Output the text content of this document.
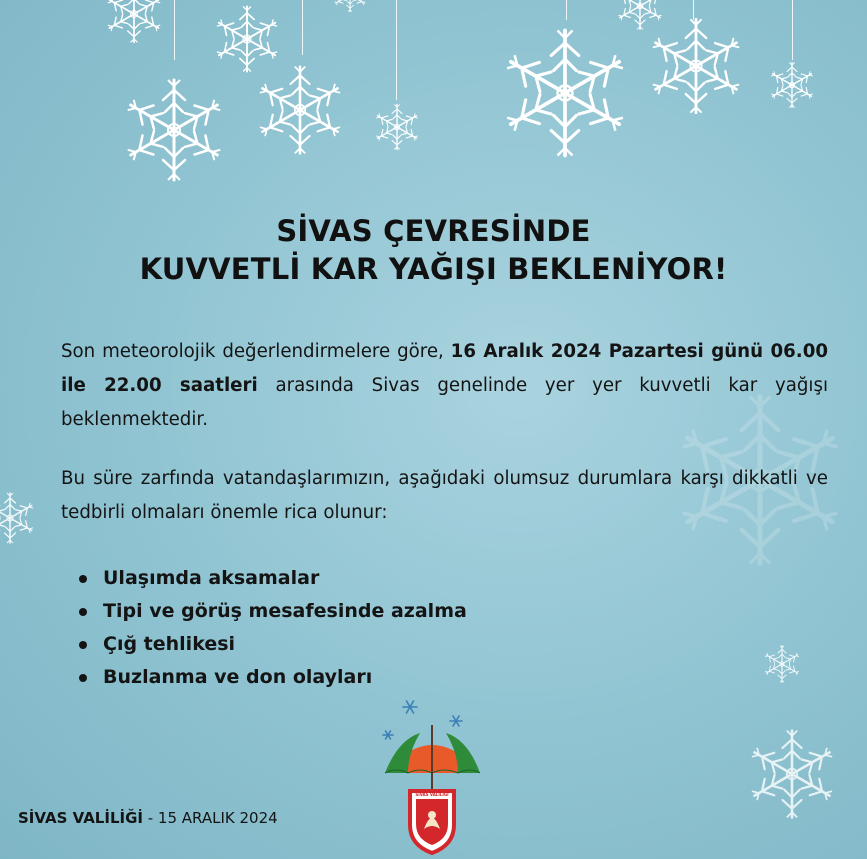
SİVAS ÇEVRESİNDE
KUVVETLİ KAR YAĞIŞI BEKLENİYOR!
Son meteorolojik değerlendirmelere göre, 16 Aralık 2024 Pazartesi günü 06.00 ile 22.00 saatleri arasında Sivas genelinde yer yer kuvvetli kar yağışı beklenmektedir.
Bu süre zarfında vatandaşlarımızın, aşağıdaki olumsuz durumlara karşı dikkatli ve tedbirli olmaları önemle rica olunur:
Ulaşımda aksamalar
Tipi ve görüş mesafesinde azalma
Çığ tehlikesi
Buzlanma ve don olayları
SİVAS VALİLİĞİ - 15 ARALIK 2024
SİVAS VALİLİĞİ
